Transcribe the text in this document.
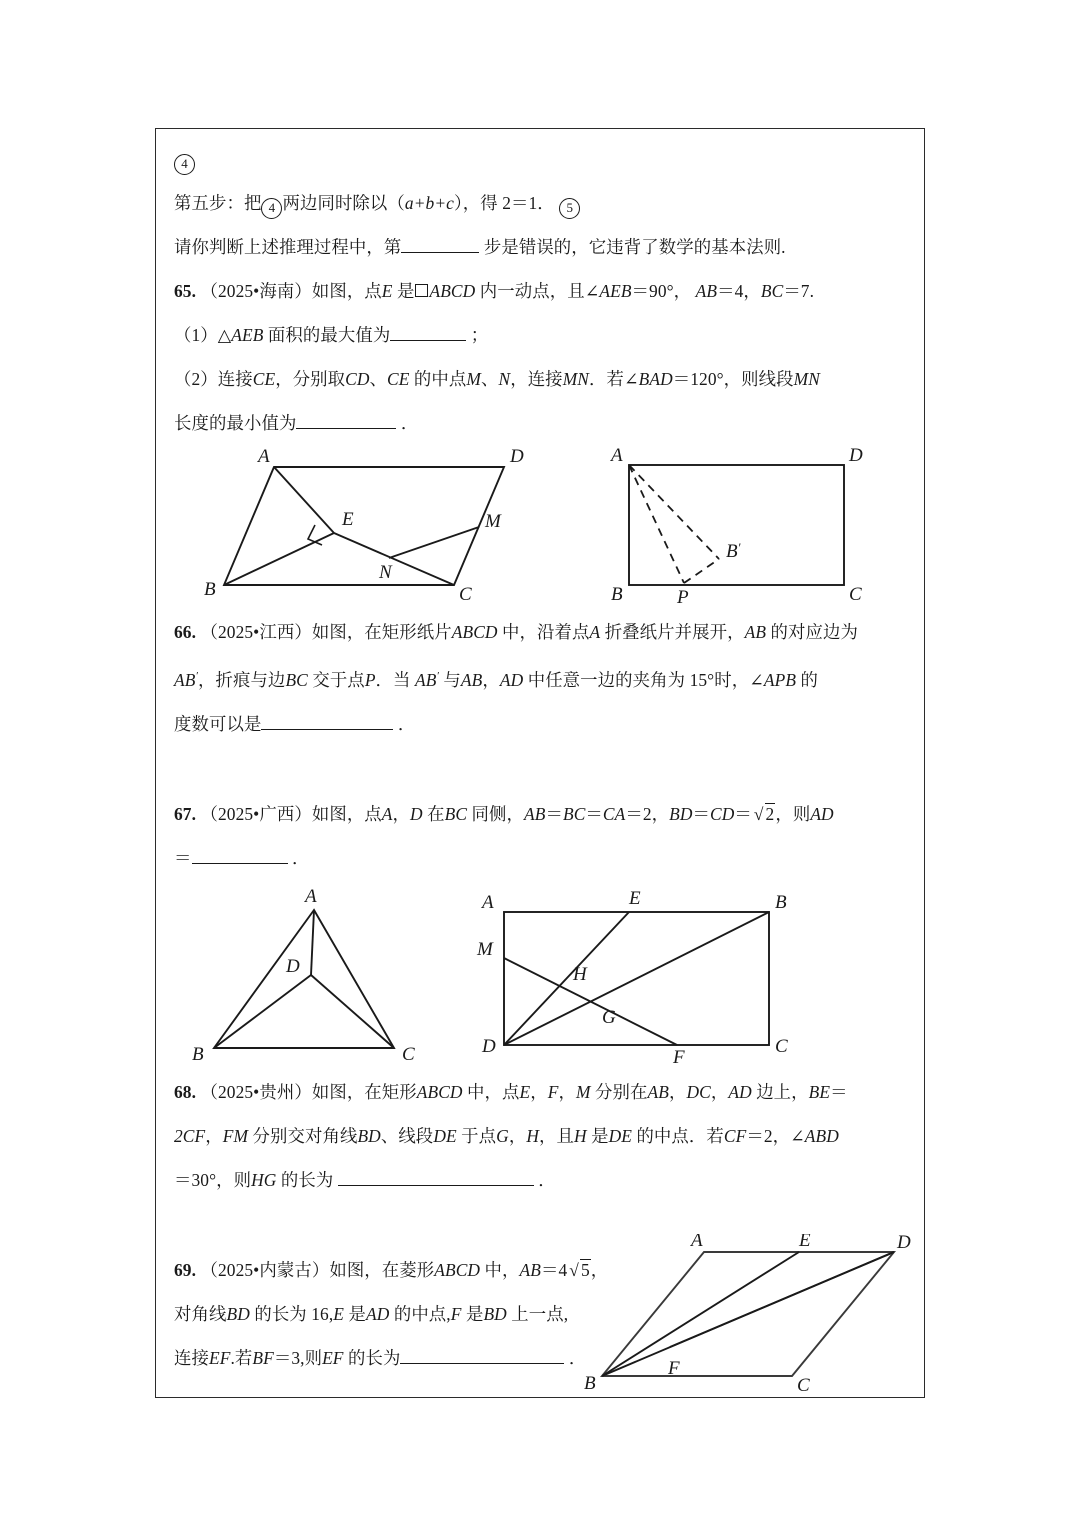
4
第五步：把 4 两边同时除以（a+b+c），得 2＝1． 5
请你判断上述推理过程中，第	步是错误的，它违背了数学的基本法则.
65. （2025•海南）如图，点E 是 ABCD 内一动点，且∠AEB＝90°， AB＝4，BC＝7.
（1）△AEB 面积的最大值为	；
（2）连接CE，分别取CD、CE 的中点M、N，连接MN．若∠BAD＝120°，则线段MN
长度的最小值为	．
A	D
E	M
N
B	C
A	D
B	P	C
B′
66. （2025•江西）如图，在矩形纸片ABCD 中，沿着点A 折叠纸片并展开，AB 的对应边为
AB′，折痕与边BC 交于点P．当 AB′ 与AB，AD 中任意一边的夹角为 15°时，∠APB 的
度数可以是	．
67. （2025•广西）如图，点A，D 在BC 同侧，AB＝BC＝CA＝2，BD＝CD＝ √ 2，则AD
＝	．
A
D
B	C
A	E	B
M
H
G
D
F
C
68. （2025•贵州）如图，在矩形ABCD 中，点E，F，M 分别在AB，DC，AD 边上，BE＝
2CF，FM 分别交对角线BD、线段DE 于点G，H，且H 是DE 的中点．若CF＝2，∠ABD
＝30°，则HG 的长为	．
A	E	D
B
F
C
69. （2025•内蒙古）如图，在菱形ABCD 中，AB＝4 √ 5，
对角线BD 的长为 16,E 是AD 的中点,F 是BD 上一点,
连接EF.若BF＝3,则EF 的长为	．
